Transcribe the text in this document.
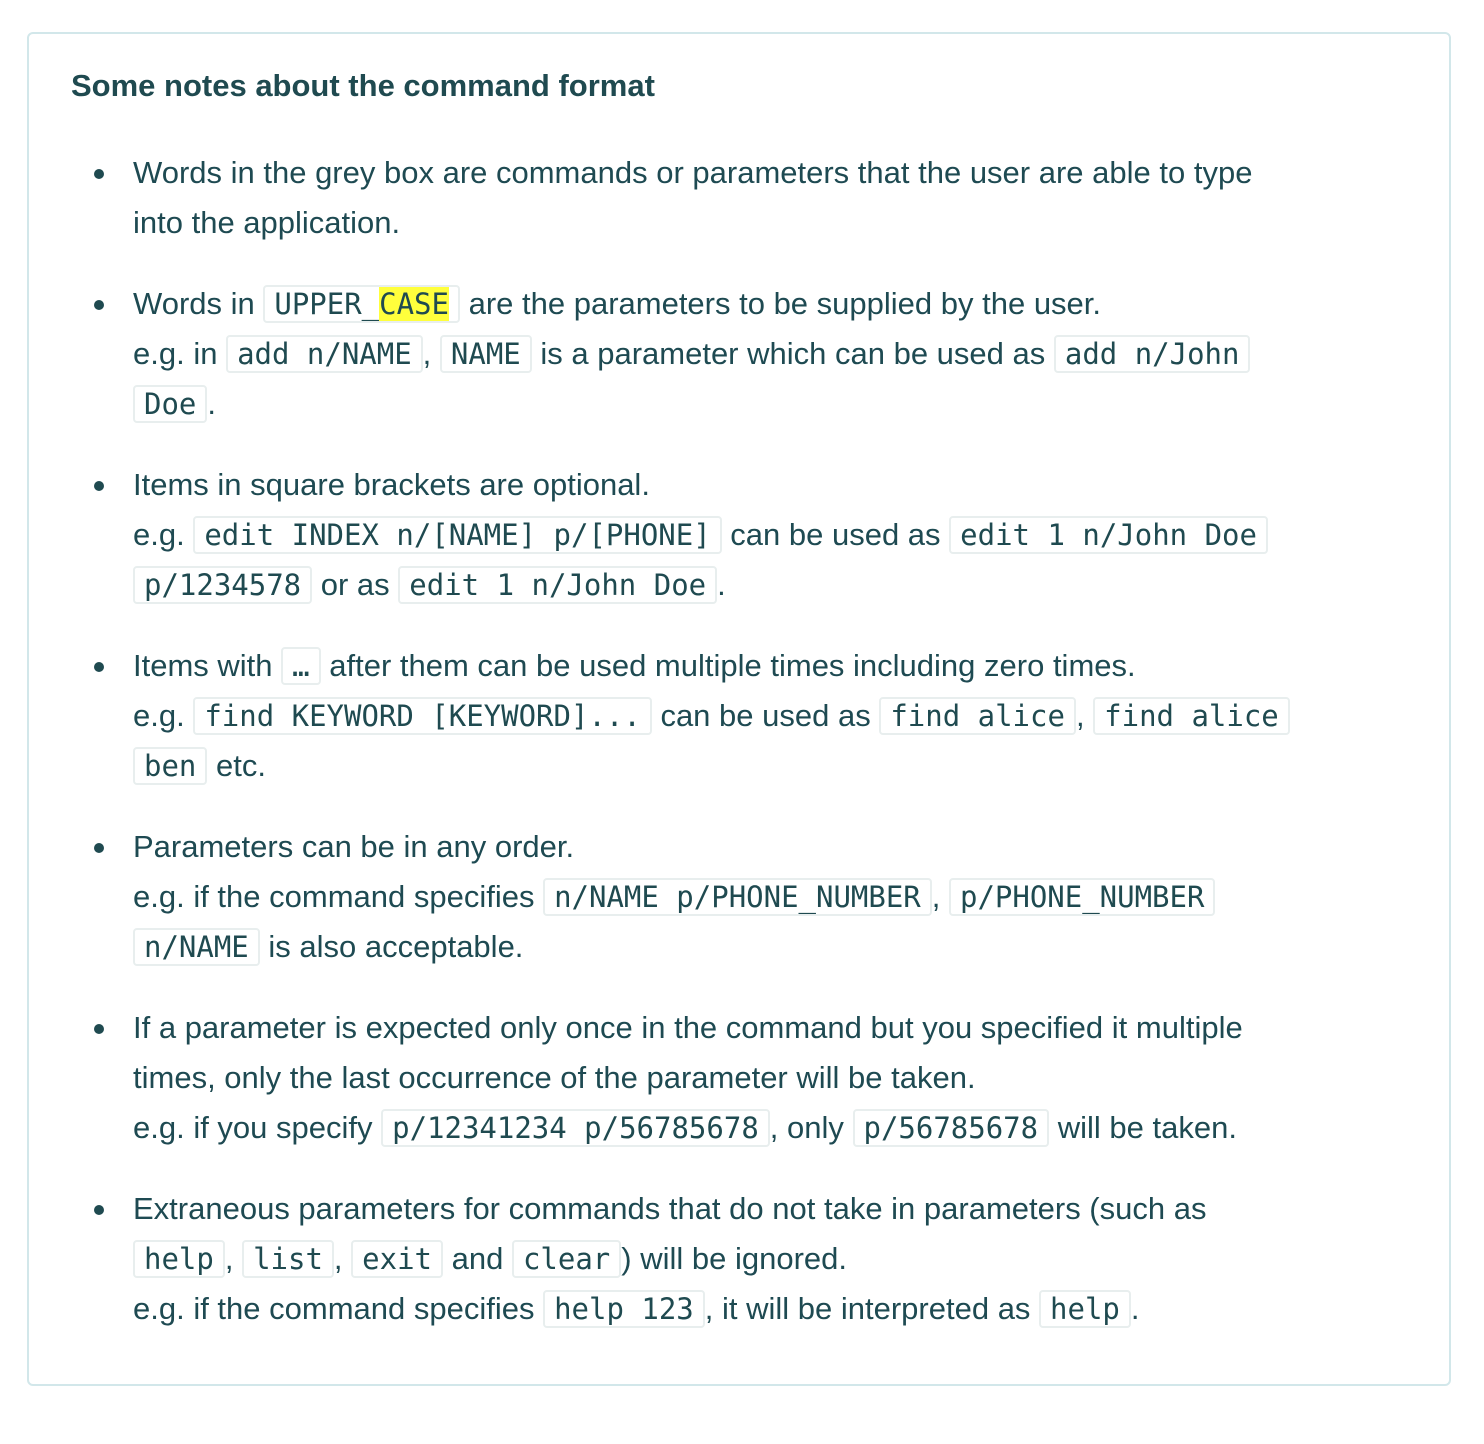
Some notes about the command format
Words in the grey box are commands or parameters that the user are able to type
into the application.
Words in UPPER_CASE are the parameters to be supplied by the user.
e.g. in add n/NAME , NAME is a parameter which can be used as add n/John
Doe .
Items in square brackets are optional.
e.g. edit INDEX n/[NAME] p/[PHONE] can be used as edit 1 n/John Doe
p/1234578 or as edit 1 n/John Doe .
Items with … after them can be used multiple times including zero times.
e.g. find KEYWORD [KEYWORD]... can be used as find alice , find alice
ben etc.
Parameters can be in any order.
e.g. if the command specifies n/NAME p/PHONE_NUMBER , p/PHONE_NUMBER
n/NAME is also acceptable.
If a parameter is expected only once in the command but you specified it multiple
times, only the last occurrence of the parameter will be taken.
e.g. if you specify p/12341234 p/56785678 , only p/56785678 will be taken.
Extraneous parameters for commands that do not take in parameters (such as
help , list , exit and clear ) will be ignored.
e.g. if the command specifies help 123 , it will be interpreted as help .
